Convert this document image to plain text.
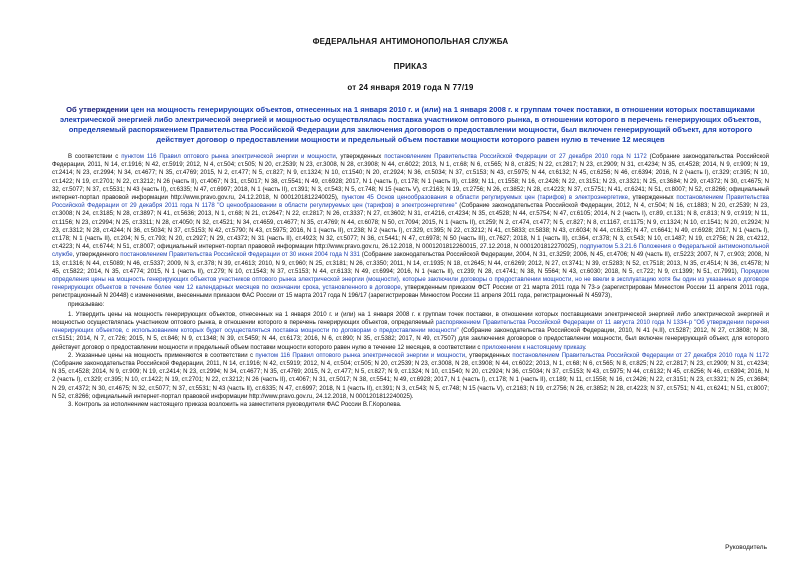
ФЕДЕРАЛЬНАЯ АНТИМОНОПОЛЬНАЯ СЛУЖБА
ПРИКАЗ
от 24 января 2019 года N 77/19
Об утверждении цен на мощность генерирующих объектов, отнесенных на 1 января 2010 г. и (или) на 1 января 2008 г. к группам точек поставки, в отношении которых поставщиками электрической энергией либо электрической энергией и мощностью осуществлялась поставка участником оптового рынка, в отношении которого в перечень генерирующих объектов, определяемый распоряжением Правительства Российской Федерации для заключения договоров о предоставлении мощности, был включен генерирующий объект, для которого действует договор о предоставлении мощности и предельный объем поставки мощности которого равен нулю в течение 12 месяцев

В соответствии с пунктом 116 Правил оптового рынка электрической энергии и мощности, утвержденных постановлением Правительства Российской Федерации от 27 декабря 2010 года N 1172 (Собрание законодательства Российской Федерации, 2011, N 14, ст.1916; N 42, ст.5919; 2012, N 4, ст.504; ст.505; N 20, ст.2539; N 23, ст.3008, N 28, ст.3908; N 44, ст.6022; 2013, N 1, ст.68; N 6, ст.565; N 8, ст.825; N 22, ст.2817; N 23, ст.2909; N 31, ст.4234; N 35, ст.4528; 2014, N 9, ст.909; N 19, ст.2414; N 23, ст.2994; N 34, ст.4677; N 35, ст.4769; 2015, N 2, ст.477; N 5, ст.827; N 9, ст.1324; N 10, ст.1540; N 20, ст.2924; N 36, ст.5034; N 37, ст.5153; N 43, ст.5975; N 44, ст.6132; N 45, ст.6256; N 46, ст.6394; 2016, N 2 (часть I), ст.329; ст.395; N 10, ст.1422; N 19, ст.2701; N 22, ст.3212; N 26 (часть II), ст.4067; N 31, ст.5017; N 38, ст.5541; N 49, ст.6928; 2017, N 1 (часть I), ст.178; N 1 (часть II), ст.189; N 11, ст.1558; N 16, ст.2426; N 22, ст.3151; N 23, ст.3321; N 25, ст.3684; N 29, ст.4372; N 30, ст.4675; N 32, ст.5077; N 37, ст.5531; N 43 (часть II), ст.6335; N 47, ст.6997; 2018, N 1 (часть II), ст.391; N 3, ст.543; N 5, ст.748; N 15 (часть V), ст.2163; N 19, ст.2756; N 26, ст.3852; N 28, ст.4223; N 37, ст.5751; N 41, ст.6241; N 51, ст.8007; N 52, ст.8266; официальный интернет-портал правовой информации http://www.pravo.gov.ru, 24.12.2018, N 0001201812240025), пунктом 45 Основ ценообразования в области регулируемых цен (тарифов) в электроэнергетике, утвержденных постановлением Правительства Российской Федерации от 29 декабря 2011 года N 1178 "О ценообразовании в области регулируемых цен (тарифов) в электроэнергетике" (Собрание законодательства Российской Федерации, 2012, N 4, ст.504; N 16, ст.1883; N 20, ст.2539; N 23, ст.3008; N 24, ст.3185; N 28, ст.3897; N 41, ст.5636; 2013, N 1, ст.68; N 21, ст.2647; N 22, ст.2817; N 26, ст.3337; N 27, ст.3602; N 31, ст.4216, ст.4234; N 35, ст.4528; N 44, ст.5754; N 47, ст.6105; 2014, N 2 (часть I), ст.89, ст.131; N 8, ст.813; N 9, ст.919; N 11, ст.1156; N 23, ст.2994; N 25, ст.3311; N 28, ст.4050; N 32, ст.4521; N 34, ст.4659, ст.4677; N 35, ст.4769; N 44, ст.6078; N 50, ст.7094; 2015, N 1 (часть II), ст.259; N 2, ст.474, ст.477; N 5, ст.827; N 8, ст.1167, ст.1175; N 9, ст.1324; N 10, ст.1541; N 20, ст.2924; N 23, ст.3312; N 28, ст.4244; N 36, ст.5034; N 37, ст.5153; N 42, ст.5790; N 43, ст.5975; 2016, N 1 (часть II), ст.238; N 2 (часть I), ст.329, ст.395; N 22, ст.3212; N 41, ст.5833; ст.5838; N 43, ст.6034; N 44, ст.6135; N 47, ст.6641; N 49, ст.6928; 2017, N 1 (часть I), ст.178; N 1 (часть II), ст.204; N 5, ст.793; N 20, ст.2927; N 29, ст.4372; N 31 (часть II), ст.4923; N 32, ст.5077; N 36, ст.5441; N 47, ст.6978; N 50 (часть III), ст.7627; 2018, N 1 (часть II), ст.364, ст.378; N 3, ст.543; N 10, ст.1487; N 19, ст.2756; N 28, ст.4212, ст.4223; N 44, ст.6744; N 51, ст.8007; официальный интернет-портал правовой информации http://www.pravo.gov.ru, 26.12.2018, N 0001201812260015, 27.12.2018, N 0001201812270025), подпунктом 5.3.21.6 Положения о Федеральной антимонопольной службе, утвержденного постановлением Правительства Российской Федерации от 30 июня 2004 года N 331 (Собрание законодательства Российской Федерации, 2004, N 31, ст.3259; 2006, N 45, ст.4706; N 49 (часть II), ст.5223; 2007, N 7, ст.903; 2008, N 13, ст.1316; N 44, ст.5089; N 46, ст.5337; 2009, N 3, ст.378; N 39, ст.4613; 2010, N 9, ст.960; N 25, ст.3181; N 26, ст.3350; 2011, N 14, ст.1935; N 18, ст.2645; N 44, ст.6269; 2012, N 27, ст.3741; N 39, ст.5283; N 52, ст.7518; 2013, N 35, ст.4514; N 36, ст.4578; N 45, ст.5822; 2014, N 35, ст.4774; 2015, N 1 (часть II), ст.279; N 10, ст.1543; N 37, ст.5153; N 44, ст.6133; N 49, ст.6994; 2016, N 1 (часть II), ст.239; N 28, ст.4741; N 38, N 5564; N 43, ст.6030; 2018, N 5, ст.722; N 9, ст.1399; N 51, ст.7991), Порядком определения цены на мощность генерирующих объектов участников оптового рынка электрической энергии (мощности), которые заключили договоры о предоставлении мощности, но не ввели в эксплуатацию хотя бы один из указанных в договоре генерирующих объектов в течение более чем 12 календарных месяцев по окончании срока, установленного в договоре, утвержденным приказом ФСТ России от 21 марта 2011 года N 73-э (зарегистрирован Минюстом России 11 апреля 2011 года, регистрационный N 20448) с изменениями, внесенными приказом ФАС России от 15 марта 2017 года N 196/17 (зарегистрирован Минюстом России 11 апреля 2011 года, регистрационный N 45973),

приказываю:

1. Утвердить цены на мощность генерирующих объектов, отнесенных на 1 января 2010 г. и (или) на 1 января 2008 г. к группам точек поставки, в отношении которых поставщиками электрической энергией либо электрической энергией и мощностью осуществлялась участником оптового рынка, в отношении которого в перечень генерирующих объектов, определяемый распоряжением Правительства Российской Федерации от 11 августа 2010 года N 1334-р "Об утверждении перечня генерирующих объектов, с использованием которых будет осуществляться поставка мощности по договорам о предоставлении мощности" (Собрание законодательства Российской Федерации, 2010, N 41 (ч.II), ст.5287; 2012, N 27, ст.3808; N 38, ст.5151; 2014, N 7, ст.726; 2015, N 5, ст.846; N 9, ст.1348; N 39, ст.5459; N 44, ст.6173; 2016, N 6, ст.890; N 35, ст.5382; 2017, N 49, ст.7507) для заключения договоров о предоставлении мощности, был включен генерирующий объект, для которого действует договор о предоставлении мощности и предельный объем поставки мощности которого равен нулю в течение 12 месяцев, в соответствии с приложением к настоящему приказу.

2. Указанные цены на мощность применяются в соответствии с пунктом 116 Правил оптового рынка электрической энергии и мощности, утвержденных постановлением Правительства Российской Федерации от 27 декабря 2010 года N 1172 (Собрание законодательства Российской Федерации, 2011, N 14, ст.1916; N 42, ст.5919; 2012, N 4, ст.504; ст.505; N 20, ст.2539; N 23, ст.3008, N 28, ст.3908; N 44, ст.6022; 2013, N 1, ст.68; N 6, ст.565; N 8, ст.825; N 22, ст.2817; N 23, ст.2909; N 31, ст.4234; N 35, ст.4528; 2014, N 9, ст.909; N 19, ст.2414; N 23, ст.2994; N 34, ст.4677; N 35, ст.4769; 2015, N 2, ст.477; N 5, ст.827; N 9, ст.1324; N 10, ст.1540; N 20, ст.2924; N 36, ст.5034; N 37, ст.5153; N 43, ст.5975; N 44, ст.6132; N 45, ст.6256; N 46, ст.6394; 2016, N 2 (часть I), ст.329; ст.395; N 10, ст.1422; N 19, ст.2701; N 22, ст.3212; N 26 (часть II), ст.4067; N 31, ст.5017; N 38, ст.5541; N 49, ст.6928; 2017, N 1 (часть I), ст.178; N 1 (часть II), ст.189; N 11, ст.1558; N 16, ст.2426; N 22, ст.3151; N 23, ст.3321; N 25, ст.3684; N 29, ст.4372; N 30, ст.4675; N 32, ст.5077; N 37, ст.5531; N 43 (часть II), ст.6335; N 47, ст.6997; 2018, N 1 (часть II), ст.391; N 3, ст.543; N 5, ст.748; N 15 (часть V), ст.2163; N 19, ст.2756; N 26, ст.3852; N 28, ст.4223; N 37, ст.5751; N 41, ст.6241; N 51, ст.8007; N 52, ст.8266; официальный интернет-портал правовой информации http://www.pravo.gov.ru, 24.12.2018, N 0001201812240025).

3. Контроль за исполнением настоящего приказа возложить на заместителя руководителя ФАС России В.Г.Королева.

Руководитель
